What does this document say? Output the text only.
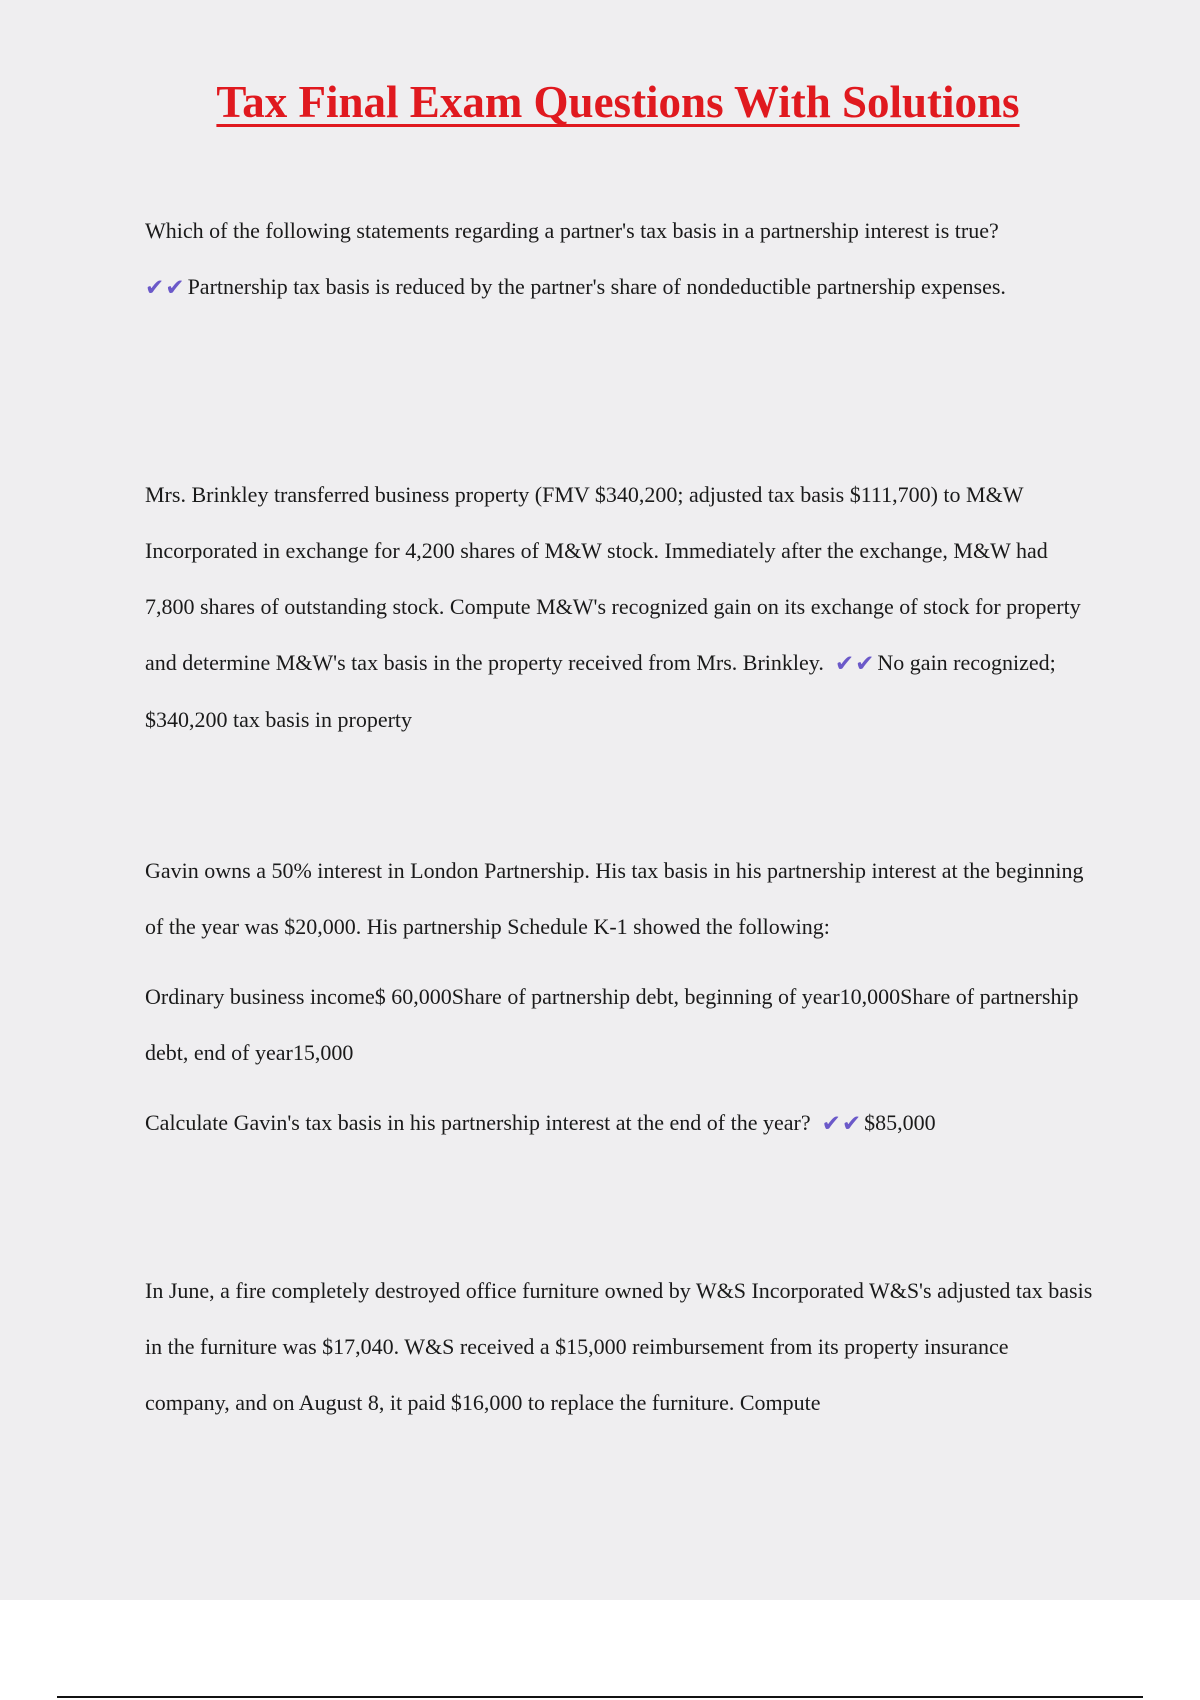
Tax Final Exam Questions With Solutions

Which of the following statements regarding a partner's tax basis in a partnership interest is true?

✔✔ Partnership tax basis is reduced by the partner's share of nondeductible partnership expenses.

Mrs. Brinkley transferred business property (FMV $340,200; adjusted tax basis $111,700) to M&W Incorporated in exchange for 4,200 shares of M&W stock. Immediately after the exchange, M&W had 7,800 shares of outstanding stock. Compute M&W's recognized gain on its exchange of stock for property and determine M&W's tax basis in the property received from Mrs. Brinkley. ✔✔ No gain recognized; $340,200 tax basis in property

Gavin owns a 50% interest in London Partnership. His tax basis in his partnership interest at the beginning of the year was $20,000. His partnership Schedule K-1 showed the following:

Ordinary business income$ 60,000Share of partnership debt, beginning of year10,000Share of partnership debt, end of year15,000

Calculate Gavin's tax basis in his partnership interest at the end of the year? ✔✔ $85,000

In June, a fire completely destroyed office furniture owned by W&S Incorporated W&S's adjusted tax basis in the furniture was $17,040. W&S received a $15,000 reimbursement from its property insurance company, and on August 8, it paid $16,000 to replace the furniture. Compute
